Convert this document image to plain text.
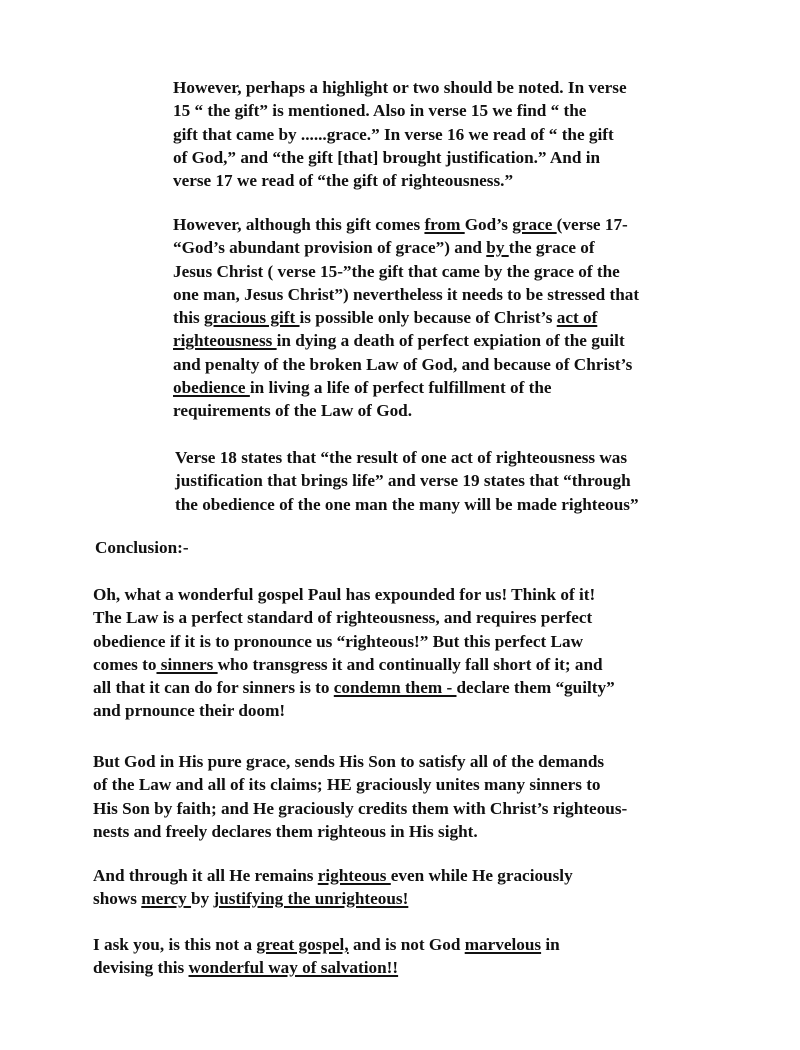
However, perhaps a highlight or two should be noted. In verse
15 “ the gift” is mentioned. Also in verse 15 we find “ the
gift that came by ......grace.” In verse 16 we read of “ the gift
of God,” and “the gift [that] brought justification.” And in
verse 17 we read of “the gift of righteousness.”
However, although this gift comes from God’s grace (verse 17-
“God’s abundant provision of grace”) and by the grace of
Jesus Christ ( verse 15-”the gift that came by the grace of the
one man, Jesus Christ”) nevertheless it needs to be stressed that
this gracious gift is possible only because of Christ’s act of
righteousness in dying a death of perfect expiation of the guilt
and penalty of the broken Law of God, and because of Christ’s
obedience in living a life of perfect fulfillment of the
requirements of the Law of God.
Verse 18 states that “the result of one act of righteousness was
justification that brings life” and verse 19 states that “through
the obedience of the one man the many will be made righteous”
Conclusion:-
Oh, what a wonderful gospel Paul has expounded for us! Think of it!
The Law is a perfect standard of righteousness, and requires perfect
obedience if it is to pronounce us “righteous!” But this perfect Law
comes to sinners who transgress it and continually fall short of it; and
all that it can do for sinners is to condemn them - declare them “guilty”
and prnounce their doom!
But God in His pure grace, sends His Son to satisfy all of the demands
of the Law and all of its claims; HE graciously unites many sinners to
His Son by faith; and He graciously credits them with Christ’s righteous-
nests and freely declares them righteous in His sight.
And through it all He remains righteous even while He graciously
shows mercy by justifying the unrighteous!
I ask you, is this not a great gospel, and is not God marvelous in
devising this wonderful way of salvation!!
